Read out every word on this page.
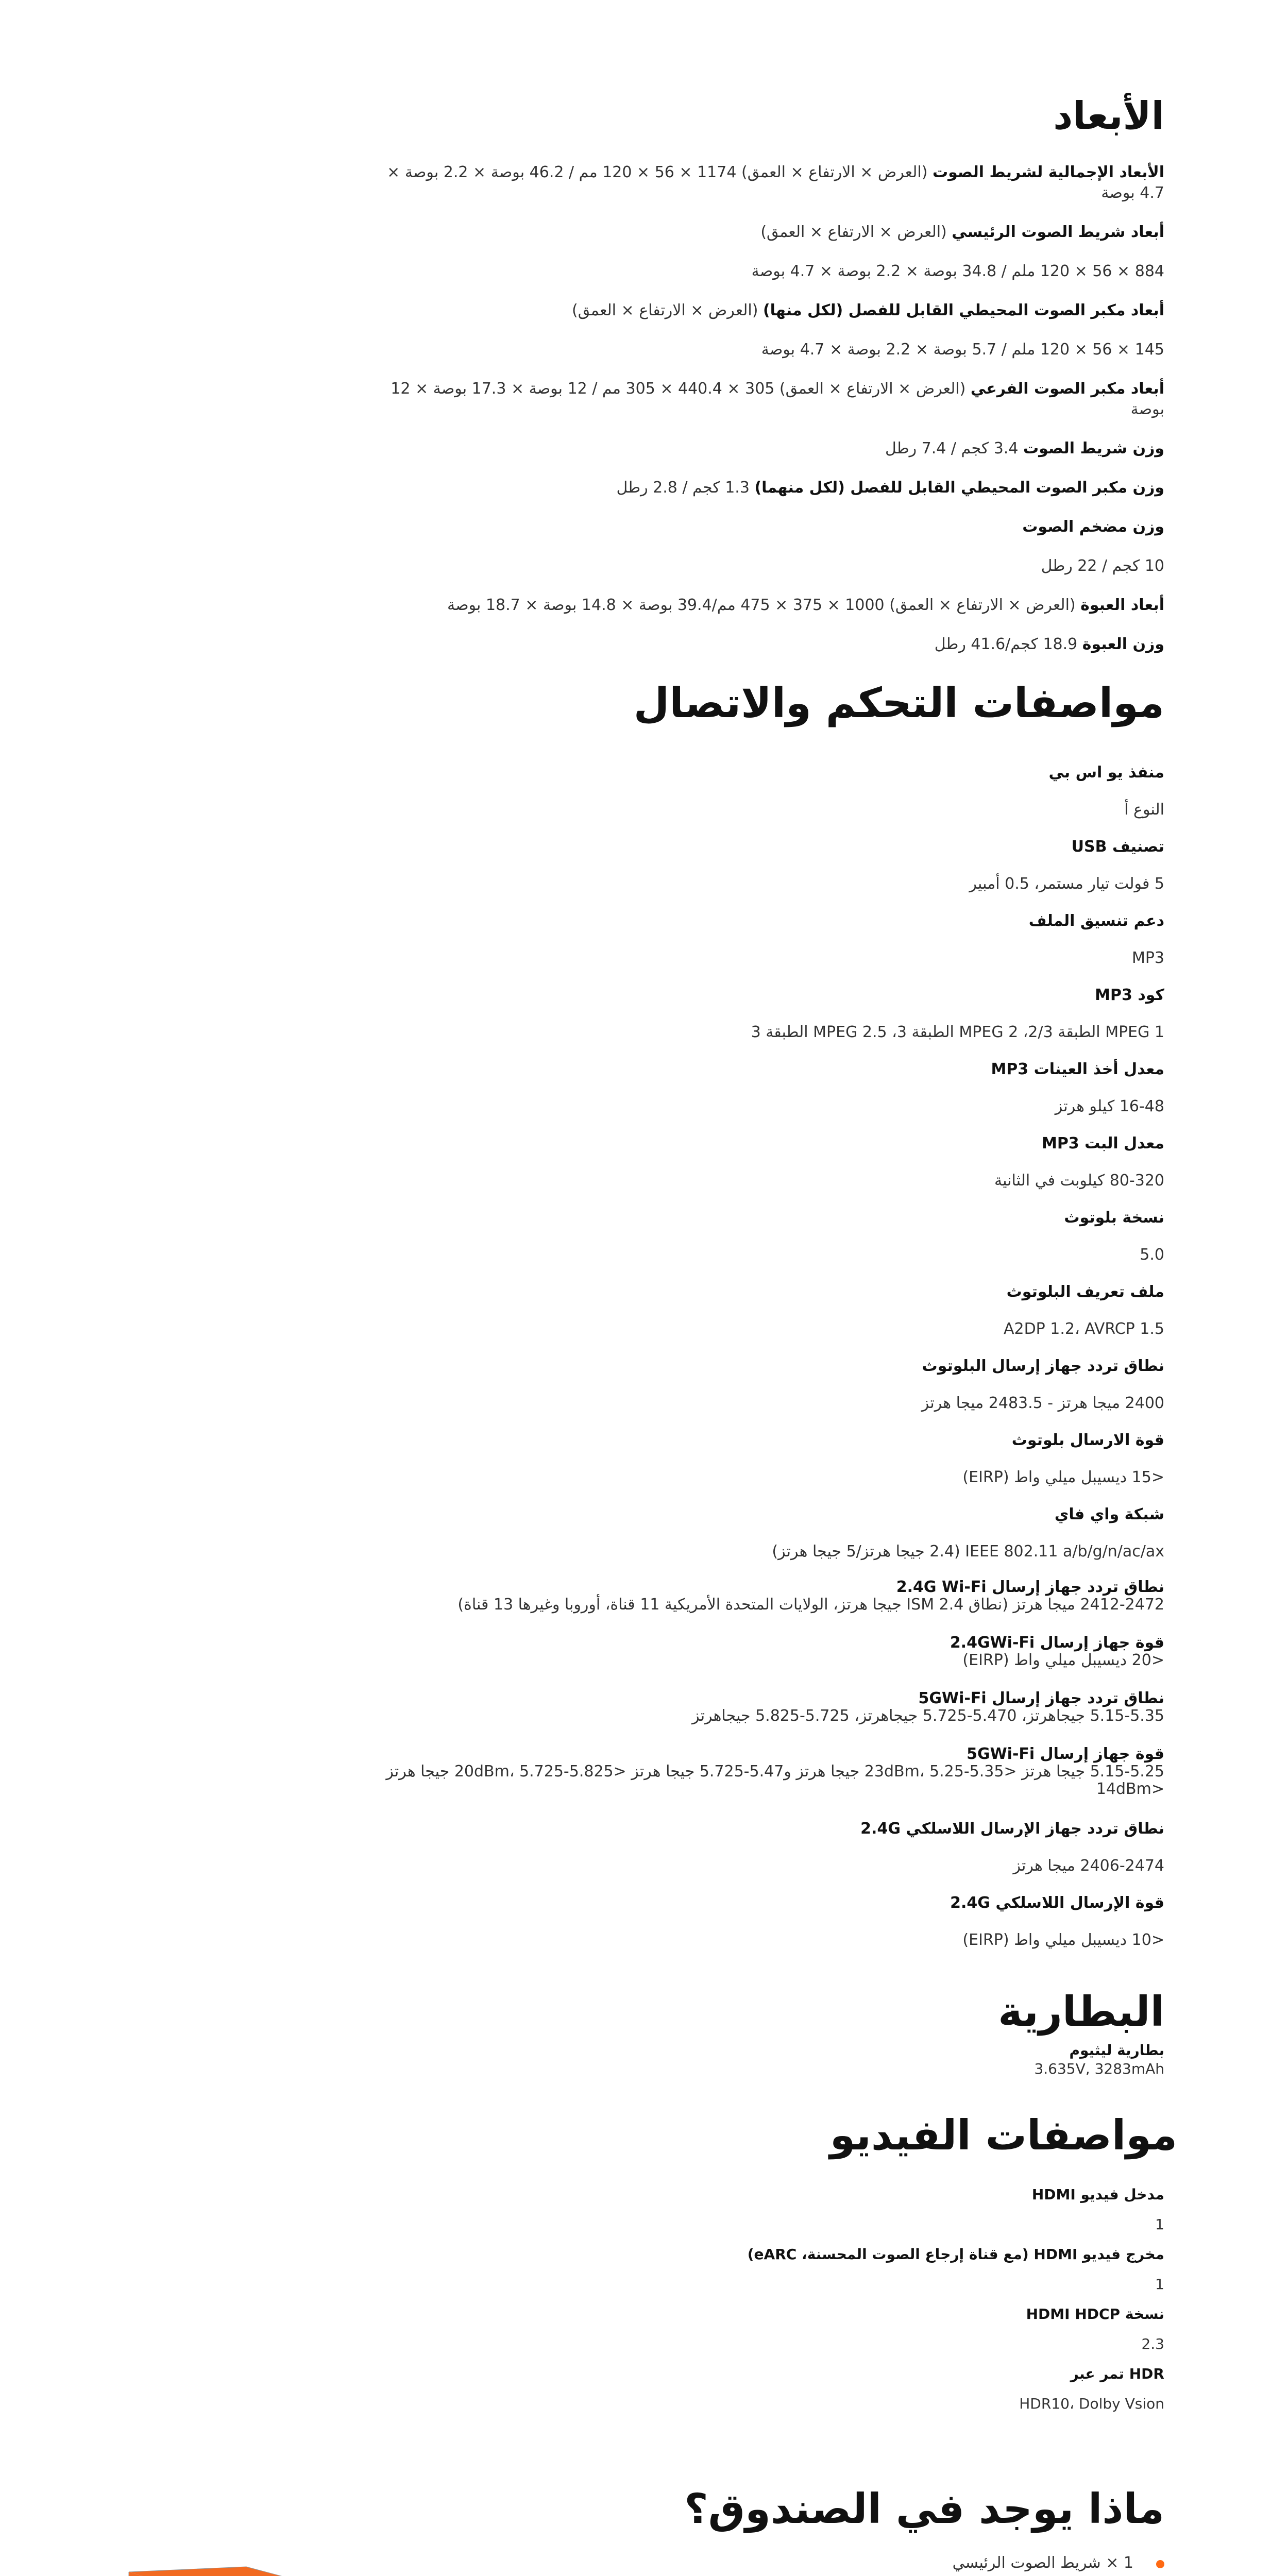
الأبعاد

الأبعاد الإجمالية لشريط الصوت (العرض × الارتفاع × العمق) 1174 × 56 × 120 مم / 46.2 بوصة × 2.2 بوصة × 4.7 بوصة

أبعاد شريط الصوت الرئيسي (العرض × الارتفاع × العمق)

884 × 56 × 120 ملم / 34.8 بوصة × 2.2 بوصة × 4.7 بوصة

أبعاد مكبر الصوت المحيطي القابل للفصل (لكل منها) (العرض × الارتفاع × العمق)

145 × 56 × 120 ملم / 5.7 بوصة × 2.2 بوصة × 4.7 بوصة

أبعاد مكبر الصوت الفرعي (العرض × الارتفاع × العمق) 305 × 440.4 × 305 مم / 12 بوصة × 17.3 بوصة × 12 بوصة

وزن شريط الصوت 3.4 كجم / 7.4 رطل

وزن مكبر الصوت المحيطي القابل للفصل (لكل منهما) 1.3 كجم / 2.8 رطل

وزن مضخم الصوت

10 كجم / 22 رطل

أبعاد العبوة (العرض × الارتفاع × العمق) 1000 × 375 × 475 مم/39.4 بوصة × 14.8 بوصة × 18.7 بوصة

وزن العبوة 18.9 كجم/41.6 رطل

مواصفات التحكم والاتصال

منفذ يو اس بي

النوع أ

تصنيف USB

5 فولت تيار مستمر، 0.5 أمبير

دعم تنسيق الملف

MP3

كود MP3

MPEG 1 الطبقة 2/3، MPEG 2 الطبقة 3، MPEG 2.5 الطبقة 3

معدل أخذ العينات MP3

16-48 كيلو هرتز

معدل البت MP3

80-320 كيلوبت في الثانية

نسخة بلوتوث

5.0

ملف تعريف البلوتوث

A2DP 1.2، AVRCP 1.5

نطاق تردد جهاز إرسال البلوتوث

2400 ميجا هرتز - 2483.5 ميجا هرتز

قوة الارسال بلوتوث

<15 ديسيبل ميلي واط (EIRP)

شبكة واي فاي

IEEE 802.11 a/b/g/n/ac/ax (2.4 جيجا هرتز/5 جيجا هرتز)

نطاق تردد جهاز إرسال 2.4G Wi-Fi

2412-2472 ميجا هرتز (نطاق ISM 2.4 جيجا هرتز، الولايات المتحدة الأمريكية 11 قناة، أوروبا وغيرها 13 قناة)

قوة جهاز إرسال 2.4GWi-Fi

<20 ديسيبل ميلي واط (EIRP)

نطاق تردد جهاز إرسال 5GWi-Fi

5.15-5.35 جيجاهرتز، 5.470-5.725 جيجاهرتز، 5.725-5.825 جيجاهرتز

قوة جهاز إرسال 5GWi-Fi

5.15-5.25 جيجا هرتز <23dBm، 5.25-5.35 جيجا هرتز و5.47-5.725 جيجا هرتز <20dBm، 5.725-5.825 جيجا هرتز <14dBm

نطاق تردد جهاز الإرسال اللاسلكي 2.4G

2406-2474 ميجا هرتز

قوة الإرسال اللاسلكي 2.4G

<10 ديسيبل ميلي واط (EIRP)

البطارية

بطارية ليثيوم

3.635V, 3283mAh

مواصفات الفيديو

مدخل فيديو HDMI

1

مخرج فيديو HDMI (مع قناة إرجاع الصوت المحسنة، eARC)

1

نسخة HDMI HDCP

2.3

HDR تمر عبر

HDR10، Dolby Vsion

ماذا يوجد في الصندوق؟
1 × شريط الصوت الرئيسي
